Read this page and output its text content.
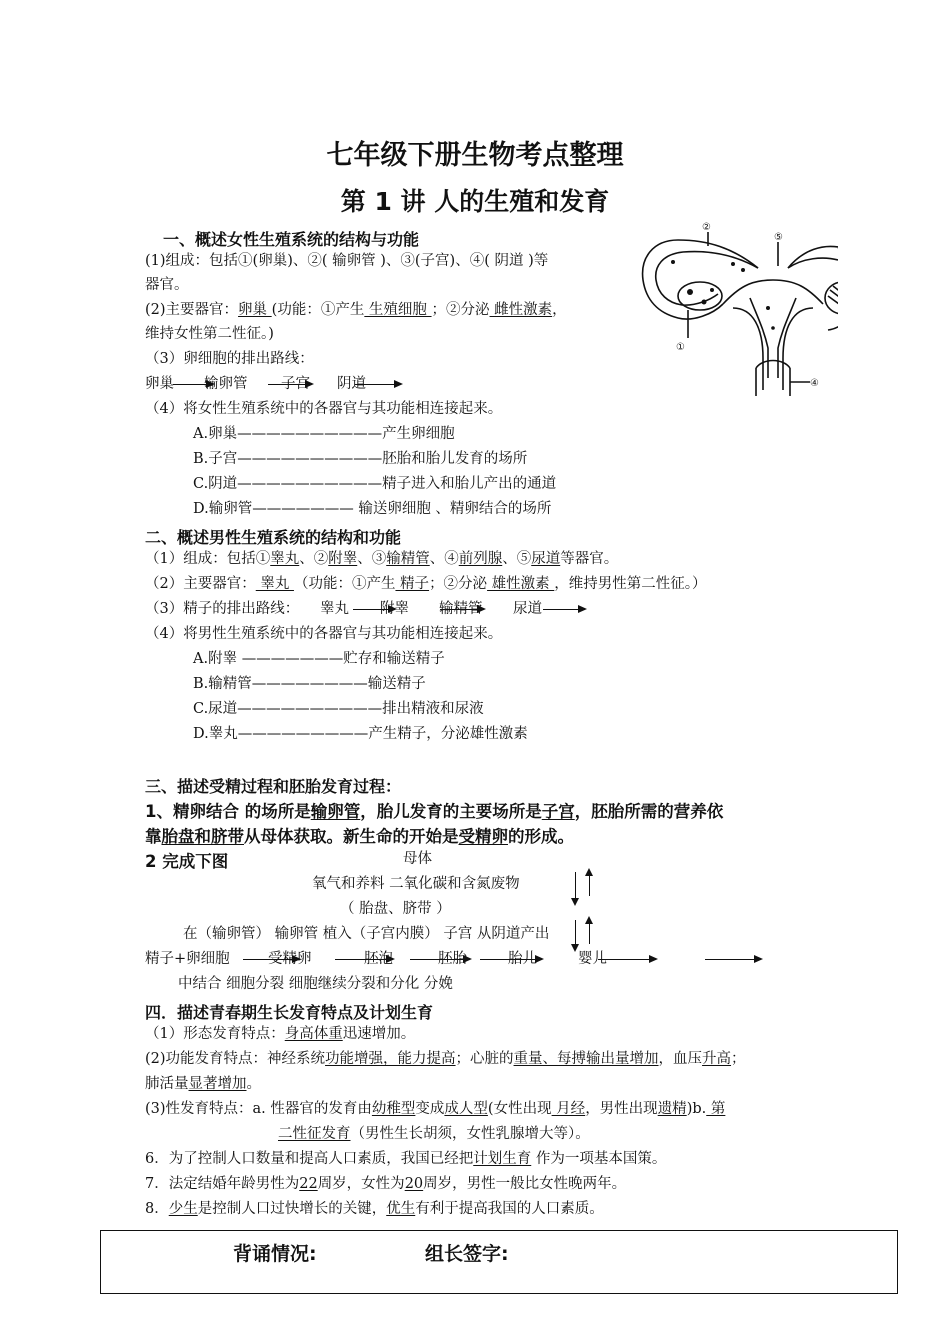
七年级下册生物考点整理
第 1 讲 人的生殖和发育
一、概述女性生殖系统的结构与功能
(1)组成：包括①(卵巢)、②( 输卵管 )、③(子宫)、④( 阴道 )等
器官。
(2)主要器官：卵巢 (功能：①产生 生殖细胞 ；②分泌 雌性激素，
维持女性第二性征。)
（3）卵细胞的排出路线：
卵巢 输卵管 子宫 阴道
（4）将女性生殖系统中的各器官与其功能相连接起来。
A.卵巢——————————产生卵细胞
B.子宫——————————胚胎和胎儿发育的场所
C.阴道——————————精子进入和胎儿产出的通道
D.输卵管——————— 输送卵细胞 、精卵结合的场所
②
⑤
①
④
二、概述男性生殖系统的结构和功能
（1）组成：包括①睾丸、②附睾、③输精管、④前列腺、⑤尿道等器官。
（2）主要器官： 睾丸 （功能：①产生 精子；②分泌 雄性激素 ，维持男性第二性征。）
（3）精子的排出路线： 睾丸 附睾 输精管 尿道
（4）将男性生殖系统中的各器官与其功能相连接起来。
A.附睾 ———————贮存和输送精子
B.输精管————————输送精子
C.尿道——————————排出精液和尿液
D.睾丸—————————产生精子，分泌雄性激素
三、描述受精过程和胚胎发育过程：
1、精卵结合 的场所是输卵管，胎儿发育的主要场所是子宫，胚胎所需的营养依
靠胎盘和脐带从母体获取。新生命的开始是受精卵的形成。
2 完成下图	母体
氧气和养料 二氧化碳和含氮废物
（ 胎盘、脐带 ）
在（输卵管） 输卵管 植入（子宫内膜） 子宫 从阴道产出
精子+卵细胞	受精卵	胚泡	胚胎	胎儿	婴儿
中结合 细胞分裂 细胞继续分裂和分化 分娩
四．描述青春期生长发育特点及计划生育
（1）形态发育特点：身高体重迅速增加。
(2)功能发育特点：神经系统功能增强，能力提高；心脏的重量、每搏输出量增加，血压升高；
肺活量显著增加。
(3)性发育特点：a. 性器官的发育由幼稚型变成成人型(女性出现 月经，男性出现遗精)b. 第
二性征发育（男性生长胡须，女性乳腺增大等）。
6．为了控制人口数量和提高人口素质，我国已经把计划生育 作为一项基本国策。
7．法定结婚年龄男性为22周岁，女性为20周岁，男性一般比女性晚两年。
8．少生是控制人口过快增长的关键，优生有利于提高我国的人口素质。
背诵情况:	组长签字:
